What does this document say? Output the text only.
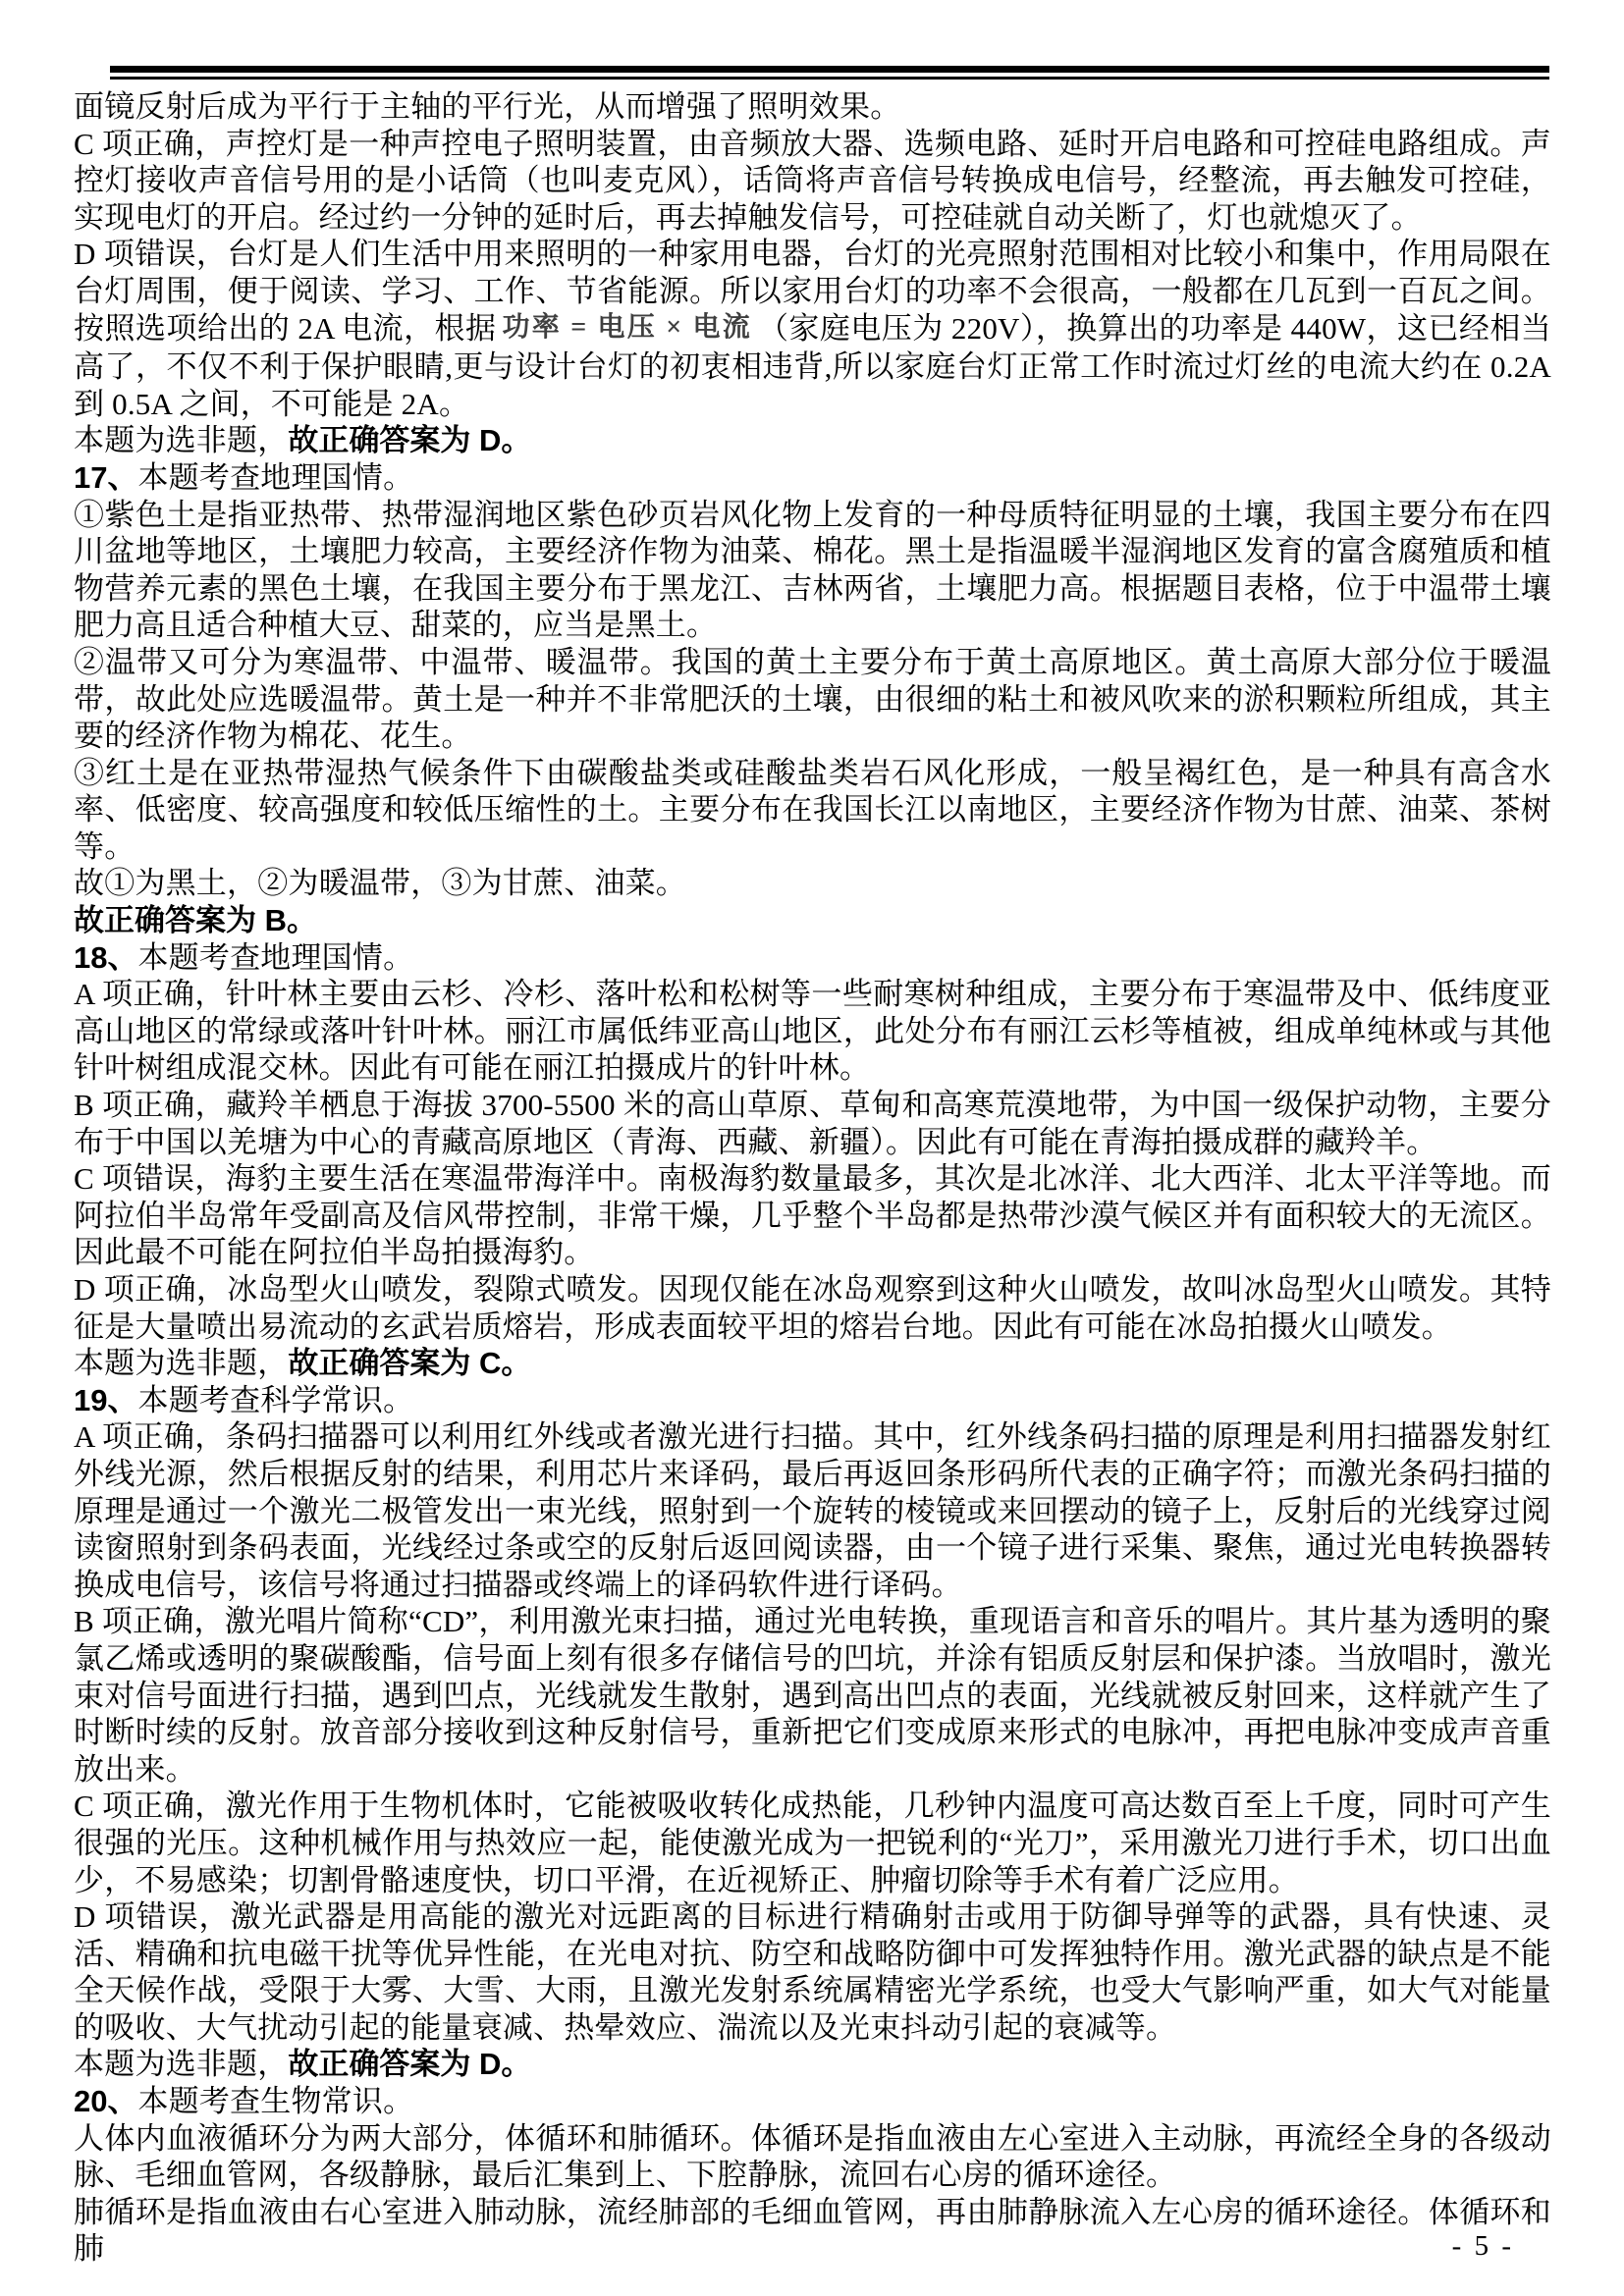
面镜反射后成为平行于主轴的平行光，从而增强了照明效果。

C 项正确，声控灯是一种声控电子照明装置，由音频放大器、选频电路、延时开启电路和可控硅电路组成。声控灯接收声音信号用的是小话筒（也叫麦克风），话筒将声音信号转换成电信号，经整流，再去触发可控硅，实现电灯的开启。经过约一分钟的延时后，再去掉触发信号，可控硅就自动关断了，灯也就熄灭了。

D 项错误，台灯是人们生活中用来照明的一种家用电器，台灯的光亮照射范围相对比较小和集中，作用局限在台灯周围，便于阅读、学习、工作、节省能源。所以家用台灯的功率不会很高，一般都在几瓦到一百瓦之间。按照选项给出的 2A 电流，根据 功率 = 电压 × 电流 （家庭电压为 220V），换算出的功率是 440W，这已经相当高了，不仅不利于保护眼睛,更与设计台灯的初衷相违背,所以家庭台灯正常工作时流过灯丝的电流大约在 0.2A 到 0.5A 之间，不可能是 2A。

本题为选非题，故正确答案为 D。

17、本题考查地理国情。

①紫色土是指亚热带、热带湿润地区紫色砂页岩风化物上发育的一种母质特征明显的土壤，我国主要分布在四川盆地等地区，土壤肥力较高，主要经济作物为油菜、棉花。黑土是指温暖半湿润地区发育的富含腐殖质和植物营养元素的黑色土壤，在我国主要分布于黑龙江、吉林两省，土壤肥力高。根据题目表格，位于中温带土壤肥力高且适合种植大豆、甜菜的，应当是黑土。

②温带又可分为寒温带、中温带、暖温带。我国的黄土主要分布于黄土高原地区。黄土高原大部分位于暖温带，故此处应选暖温带。黄土是一种并不非常肥沃的土壤，由很细的粘土和被风吹来的淤积颗粒所组成，其主要的经济作物为棉花、花生。

③红土是在亚热带湿热气候条件下由碳酸盐类或硅酸盐类岩石风化形成，一般呈褐红色，是一种具有高含水率、低密度、较高强度和较低压缩性的土。主要分布在我国长江以南地区，主要经济作物为甘蔗、油菜、茶树等。

故①为黑土，②为暖温带，③为甘蔗、油菜。

故正确答案为 B。

18、本题考查地理国情。

A 项正确，针叶林主要由云杉、冷杉、落叶松和松树等一些耐寒树种组成，主要分布于寒温带及中、低纬度亚高山地区的常绿或落叶针叶林。丽江市属低纬亚高山地区，此处分布有丽江云杉等植被，组成单纯林或与其他针叶树组成混交林。因此有可能在丽江拍摄成片的针叶林。

B 项正确，藏羚羊栖息于海拔 3700-5500 米的高山草原、草甸和高寒荒漠地带，为中国一级保护动物，主要分布于中国以羌塘为中心的青藏高原地区（青海、西藏、新疆）。因此有可能在青海拍摄成群的藏羚羊。

C 项错误，海豹主要生活在寒温带海洋中。南极海豹数量最多，其次是北冰洋、北大西洋、北太平洋等地。而阿拉伯半岛常年受副高及信风带控制，非常干燥，几乎整个半岛都是热带沙漠气候区并有面积较大的无流区。因此最不可能在阿拉伯半岛拍摄海豹。

D 项正确，冰岛型火山喷发，裂隙式喷发。因现仅能在冰岛观察到这种火山喷发，故叫冰岛型火山喷发。其特征是大量喷出易流动的玄武岩质熔岩，形成表面较平坦的熔岩台地。因此有可能在冰岛拍摄火山喷发。

本题为选非题，故正确答案为 C。

19、本题考查科学常识。

A 项正确，条码扫描器可以利用红外线或者激光进行扫描。其中，红外线条码扫描的原理是利用扫描器发射红外线光源，然后根据反射的结果，利用芯片来译码，最后再返回条形码所代表的正确字符；而激光条码扫描的原理是通过一个激光二极管发出一束光线，照射到一个旋转的棱镜或来回摆动的镜子上，反射后的光线穿过阅读窗照射到条码表面，光线经过条或空的反射后返回阅读器，由一个镜子进行采集、聚焦，通过光电转换器转换成电信号，该信号将通过扫描器或终端上的译码软件进行译码。

B 项正确，激光唱片简称“CD”，利用激光束扫描，通过光电转换，重现语言和音乐的唱片。其片基为透明的聚氯乙烯或透明的聚碳酸酯，信号面上刻有很多存储信号的凹坑，并涂有铝质反射层和保护漆。当放唱时，激光束对信号面进行扫描，遇到凹点，光线就发生散射，遇到高出凹点的表面，光线就被反射回来，这样就产生了时断时续的反射。放音部分接收到这种反射信号，重新把它们变成原来形式的电脉冲，再把电脉冲变成声音重放出来。

C 项正确，激光作用于生物机体时，它能被吸收转化成热能，几秒钟内温度可高达数百至上千度，同时可产生很强的光压。这种机械作用与热效应一起，能使激光成为一把锐利的“光刀”，采用激光刀进行手术，切口出血少，不易感染；切割骨骼速度快，切口平滑，在近视矫正、肿瘤切除等手术有着广泛应用。

D 项错误，激光武器是用高能的激光对远距离的目标进行精确射击或用于防御导弹等的武器，具有快速、灵活、精确和抗电磁干扰等优异性能，在光电对抗、防空和战略防御中可发挥独特作用。激光武器的缺点是不能全天候作战，受限于大雾、大雪、大雨，且激光发射系统属精密光学系统，也受大气影响严重，如大气对能量的吸收、大气扰动引起的能量衰减、热晕效应、湍流以及光束抖动引起的衰减等。

本题为选非题，故正确答案为 D。

20、本题考查生物常识。

人体内血液循环分为两大部分，体循环和肺循环。体循环是指血液由左心室进入主动脉，再流经全身的各级动脉、毛细血管网，各级静脉，最后汇集到上、下腔静脉，流回右心房的循环途径。

肺循环是指血液由右心室进入肺动脉，流经肺部的毛细血管网，再由肺静脉流入左心房的循环途径。体循环和肺	- 5 -
